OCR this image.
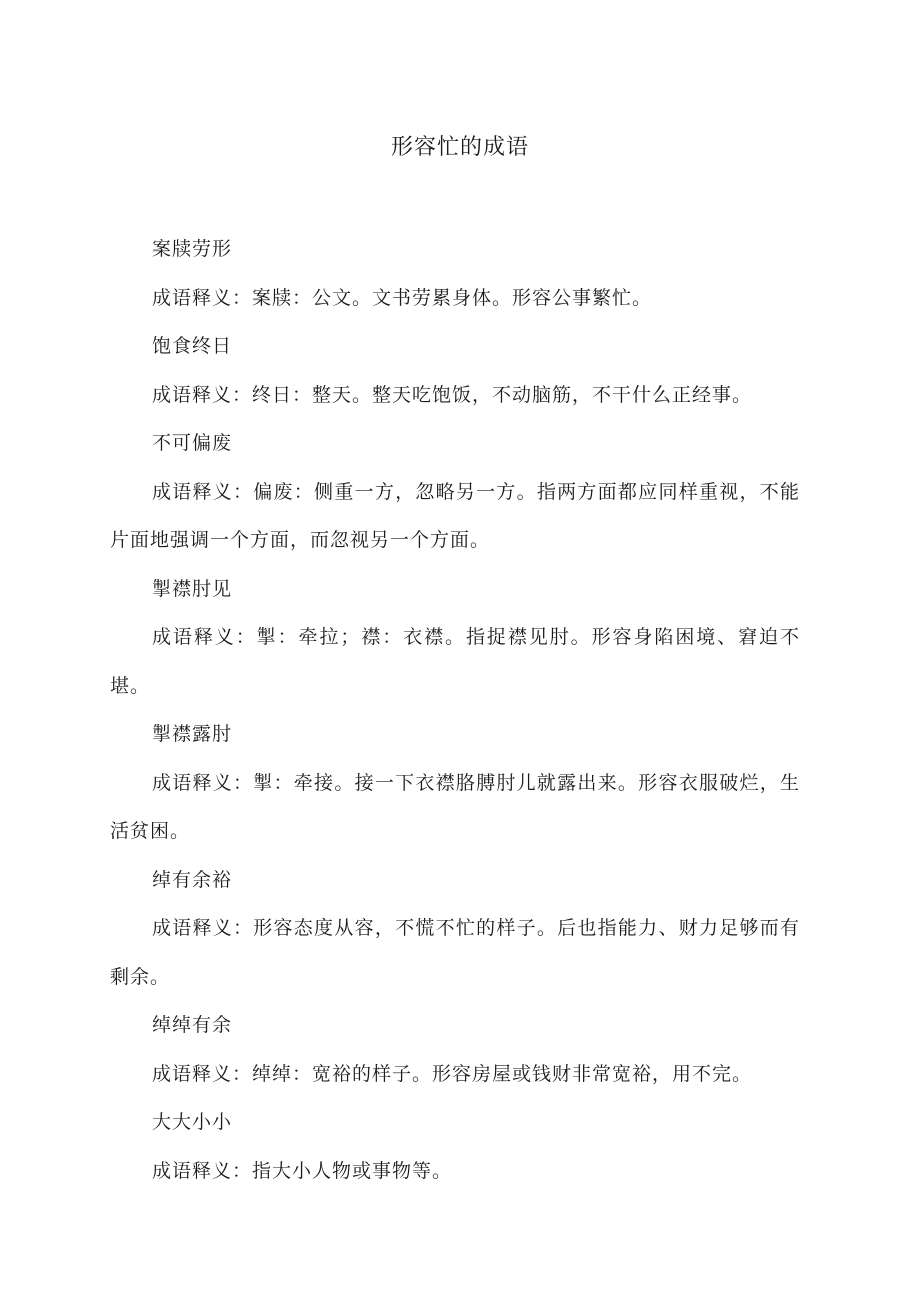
形容忙的成语

案牍劳形

成语释义：案牍：公文。文书劳累身体。形容公事繁忙。

饱食终日

成语释义：终日：整天。整天吃饱饭，不动脑筋，不干什么正经事。

不可偏废

成语释义：偏废：侧重一方，忽略另一方。指两方面都应同样重视，不能片面地强调一个方面，而忽视另一个方面。

掣襟肘见

成语释义：掣：牵拉；襟：衣襟。指捉襟见肘。形容身陷困境、窘迫不堪。

掣襟露肘

成语释义：掣：牵接。接一下衣襟胳膊肘儿就露出来。形容衣服破烂，生活贫困。

绰有余裕

成语释义：形容态度从容，不慌不忙的样子。后也指能力、财力足够而有剩余。

绰绰有余

成语释义：绰绰：宽裕的样子。形容房屋或钱财非常宽裕，用不完。

大大小小

成语释义：指大小人物或事物等。
